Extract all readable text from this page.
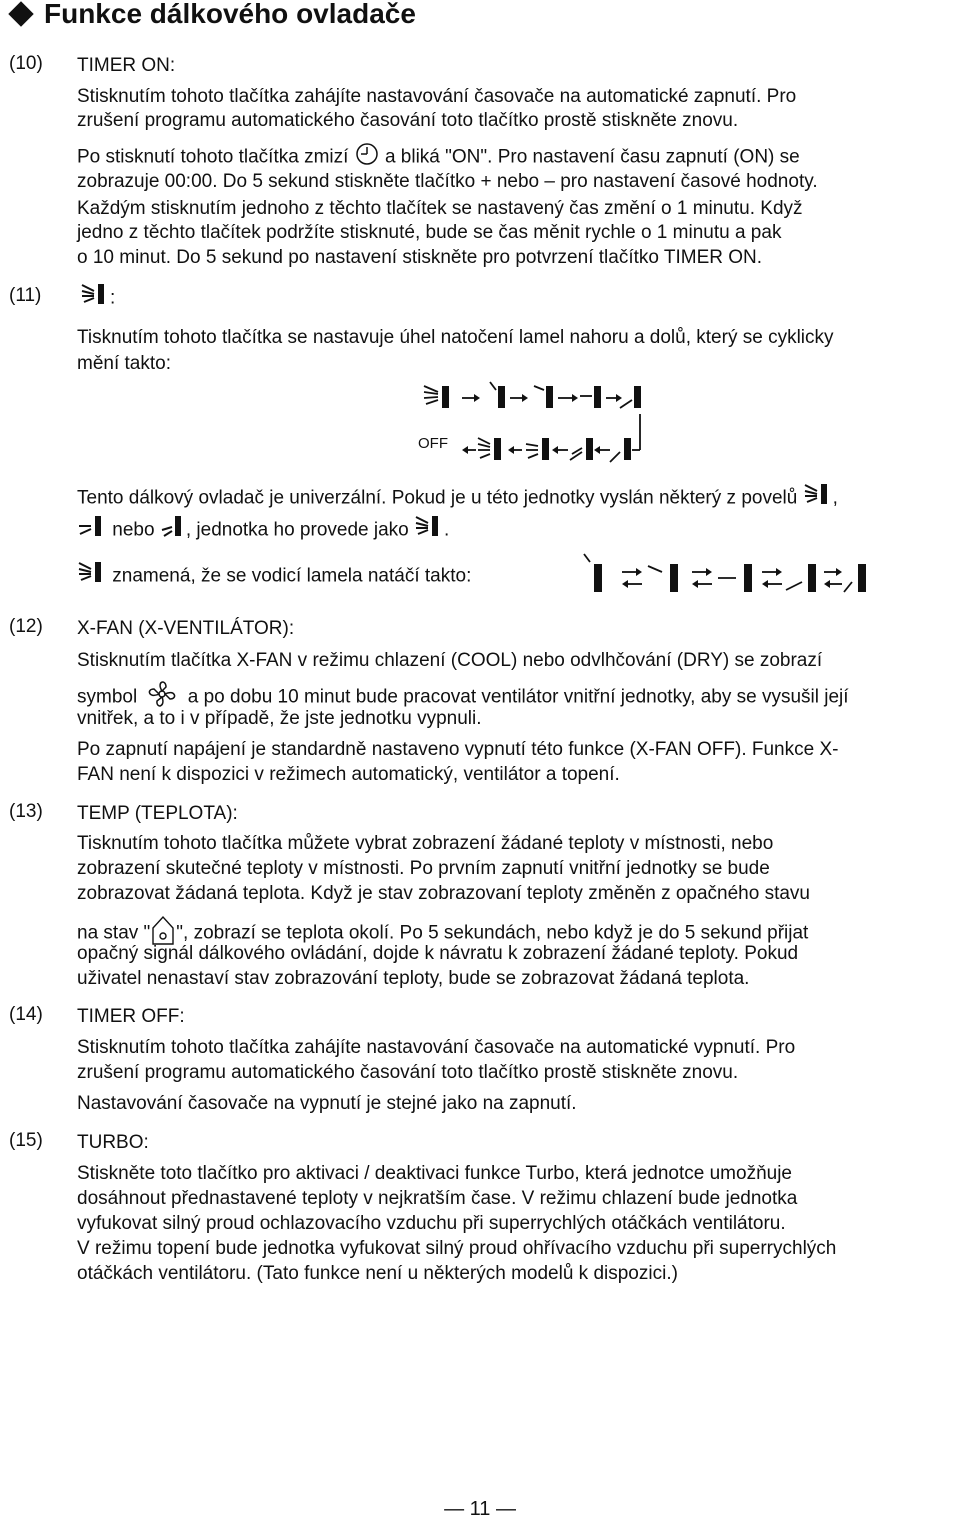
Funkce dálkového ovladače
(10) TIMER ON:
Stisknutím tohoto tlačítka zahájíte nastavování časovače na automatické zapnutí. Pro
zrušení programu automatického časování toto tlačítko prostě stiskněte znovu.
Po stisknutí tohoto tlačítka zmizí a bliká "ON". Pro nastavení času zapnutí (ON) se
zobrazuje 00:00. Do 5 sekund stiskněte tlačítko + nebo – pro nastavení časové hodnoty.
Každým stisknutím jednoho z těchto tlačítek se nastavený čas změní o 1 minutu. Když
jedno z těchto tlačítek podržíte stisknuté, bude se čas měnit rychle o 1 minutu a pak
o 10 minut. Do 5 sekund po nastavení stiskněte pro potvrzení tlačítko TIMER ON.
(11)	:
Tisknutím tohoto tlačítka se nastavuje úhel natočení lamel nahoru a dolů, který se cyklicky
mění takto:
OFF
Tento dálkový ovladač je univerzální. Pokud je u této jednotky vyslán některý z povelů ,
nebo , jednotka ho provede jako .
znamená, že se vodicí lamela natáčí takto:
(12) X-FAN (X-VENTILÁTOR):
Stisknutím tlačítka X-FAN v režimu chlazení (COOL) nebo odvlhčování (DRY) se zobrazí
symbol	a po dobu 10 minut bude pracovat ventilátor vnitřní jednotky, aby se vysušil její
vnitřek, a to i v případě, že jste jednotku vypnuli.
Po zapnutí napájení je standardně nastaveno vypnutí této funkce (X-FAN OFF). Funkce X-
FAN není k dispozici v režimech automatický, ventilátor a topení.
(13) TEMP (TEPLOTA):
Tisknutím tohoto tlačítka můžete vybrat zobrazení žádané teploty v místnosti, nebo
zobrazení skutečné teploty v místnosti. Po prvním zapnutí vnitřní jednotky se bude
zobrazovat žádaná teplota. Když je stav zobrazovaní teploty změněn z opačného stavu
na stav " ", zobrazí se teplota okolí. Po 5 sekundách, nebo když je do 5 sekund přijat
opačný signál dálkového ovládání, dojde k návratu k zobrazení žádané teploty. Pokud
uživatel nenastaví stav zobrazování teploty, bude se zobrazovat žádaná teplota.
(14) TIMER OFF:
Stisknutím tohoto tlačítka zahájíte nastavování časovače na automatické vypnutí. Pro
zrušení programu automatického časování toto tlačítko prostě stiskněte znovu.
Nastavování časovače na vypnutí je stejné jako na zapnutí.
(15) TURBO:
Stiskněte toto tlačítko pro aktivaci / deaktivaci funkce Turbo, která jednotce umožňuje
dosáhnout přednastavené teploty v nejkratším čase. V režimu chlazení bude jednotka
vyfukovat silný proud ochlazovacího vzduchu při superrychlých otáčkách ventilátoru.
V režimu topení bude jednotka vyfukovat silný proud ohřívacího vzduchu při superrychlých
otáčkách ventilátoru. (Tato funkce není u některých modelů k dispozici.)
— 11 —
